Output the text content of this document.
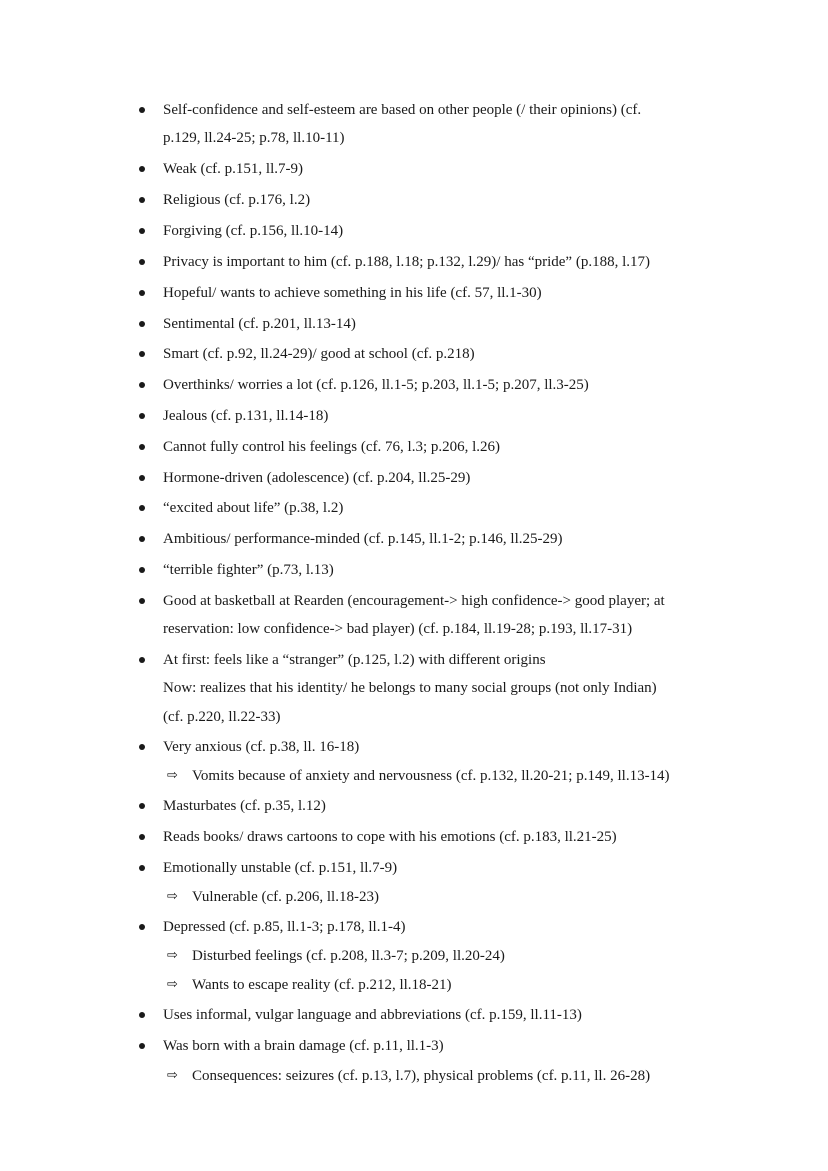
Self-confidence and self-esteem are based on other people (/ their opinions) (cf.
p.129, ll.24-25; p.78, ll.10-11)
Weak (cf. p.151, ll.7-9)
Religious (cf. p.176, l.2)
Forgiving (cf. p.156, ll.10-14)
Privacy is important to him (cf. p.188, l.18; p.132, l.29)/ has “pride” (p.188, l.17)
Hopeful/ wants to achieve something in his life (cf. 57, ll.1-30)
Sentimental (cf. p.201, ll.13-14)
Smart (cf. p.92, ll.24-29)/ good at school (cf. p.218)
Overthinks/ worries a lot (cf. p.126, ll.1-5; p.203, ll.1-5; p.207, ll.3-25)
Jealous (cf. p.131, ll.14-18)
Cannot fully control his feelings (cf. 76, l.3; p.206, l.26)
Hormone-driven (adolescence) (cf. p.204, ll.25-29)
“excited about life” (p.38, l.2)
Ambitious/ performance-minded (cf. p.145, ll.1-2; p.146, ll.25-29)
“terrible fighter” (p.73, l.13)
Good at basketball at Rearden (encouragement-> high confidence-> good player; at
reservation: low confidence-> bad player) (cf. p.184, ll.19-28; p.193, ll.17-31)
At first: feels like a “stranger” (p.125, l.2) with different origins
Now: realizes that his identity/ he belongs to many social groups (not only Indian)
(cf. p.220, ll.22-33)
Very anxious (cf. p.38, ll. 16-18)
⇨ Vomits because of anxiety and nervousness (cf. p.132, ll.20-21; p.149, ll.13-14)
Masturbates (cf. p.35, l.12)
Reads books/ draws cartoons to cope with his emotions (cf. p.183, ll.21-25)
Emotionally unstable (cf. p.151, ll.7-9)
⇨ Vulnerable (cf. p.206, ll.18-23)
Depressed (cf. p.85, ll.1-3; p.178, ll.1-4)
⇨ Disturbed feelings (cf. p.208, ll.3-7; p.209, ll.20-24)
⇨ Wants to escape reality (cf. p.212, ll.18-21)
Uses informal, vulgar language and abbreviations (cf. p.159, ll.11-13)
Was born with a brain damage (cf. p.11, ll.1-3)
⇨ Consequences: seizures (cf. p.13, l.7), physical problems (cf. p.11, ll. 26-28)
